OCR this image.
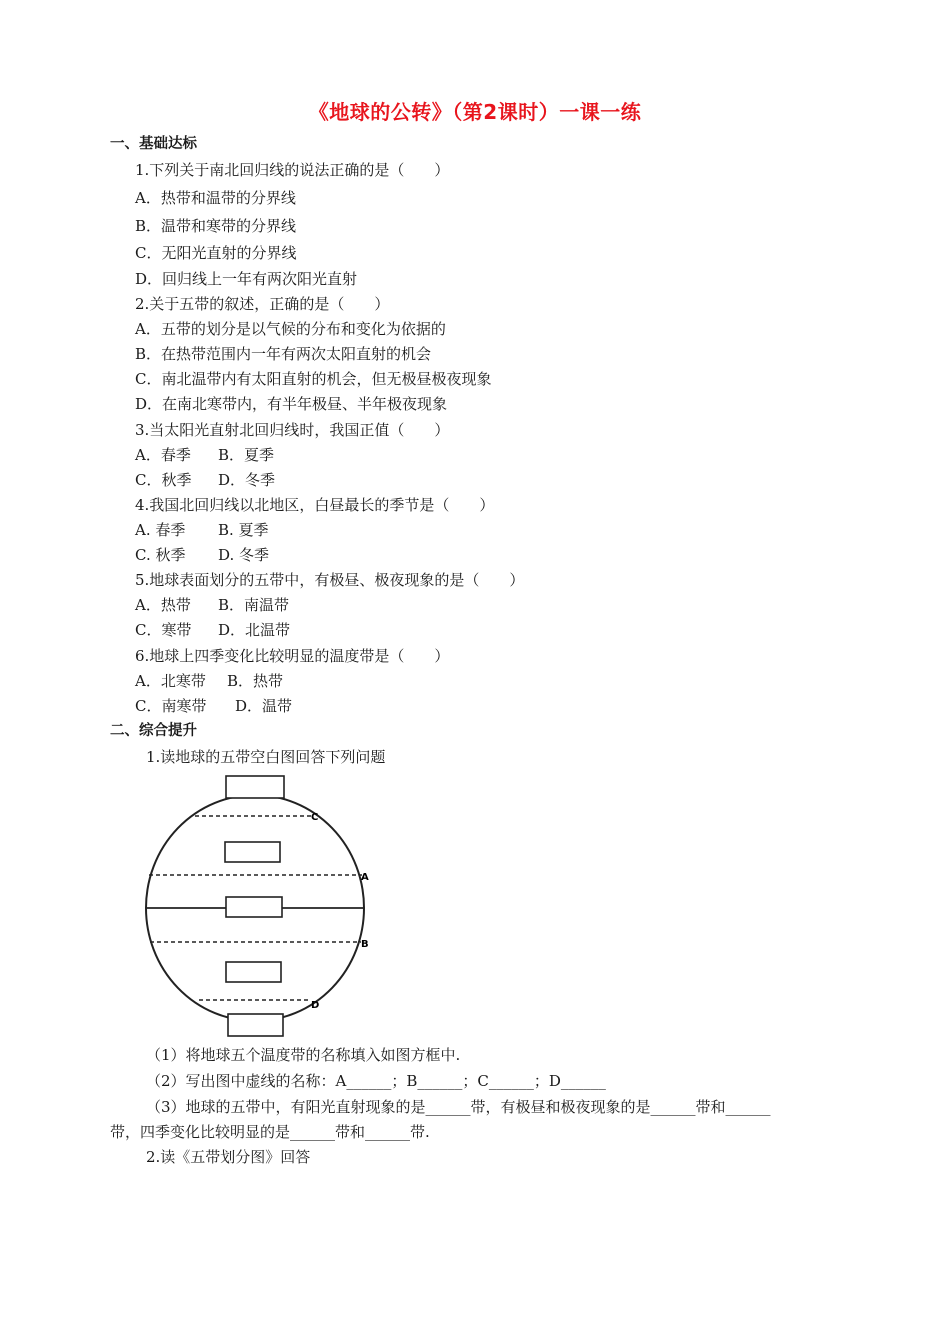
《地球的公转》（第2课时）一课一练
一、基础达标
1.下列关于南北回归线的说法正确的是（　　）
A．热带和温带的分界线
B．温带和寒带的分界线
C．无阳光直射的分界线
D．回归线上一年有两次阳光直射
2.关于五带的叙述，正确的是（　　）
A．五带的划分是以气候的分布和变化为依据的
B．在热带范围内一年有两次太阳直射的机会
C．南北温带内有太阳直射的机会，但无极昼极夜现象
D．在南北寒带内，有半年极昼、半年极夜现象
3.当太阳光直射北回归线时，我国正值（　　）
A．春季 B．夏季
C．秋季 D．冬季
4.我国北回归线以北地区，白昼最长的季节是（　　）
A. 春季 B. 夏季
C. 秋季 D. 冬季
5.地球表面划分的五带中，有极昼、极夜现象的是（　　）
A．热带 B．南温带
C．寒带 D．北温带
6.地球上四季变化比较明显的温度带是（　　）
A．北寒带 B．热带
C．南寒带 D．温带
二、综合提升
1.读地球的五带空白图回答下列问题
C
A
B
D
（1）将地球五个温度带的名称填入如图方框中.
（2）写出图中虚线的名称：A______；B______；C______；D______
（3）地球的五带中，有阳光直射现象的是______带，有极昼和极夜现象的是______带和______
带，四季变化比较明显的是______带和______带.
2.读《五带划分图》回答
